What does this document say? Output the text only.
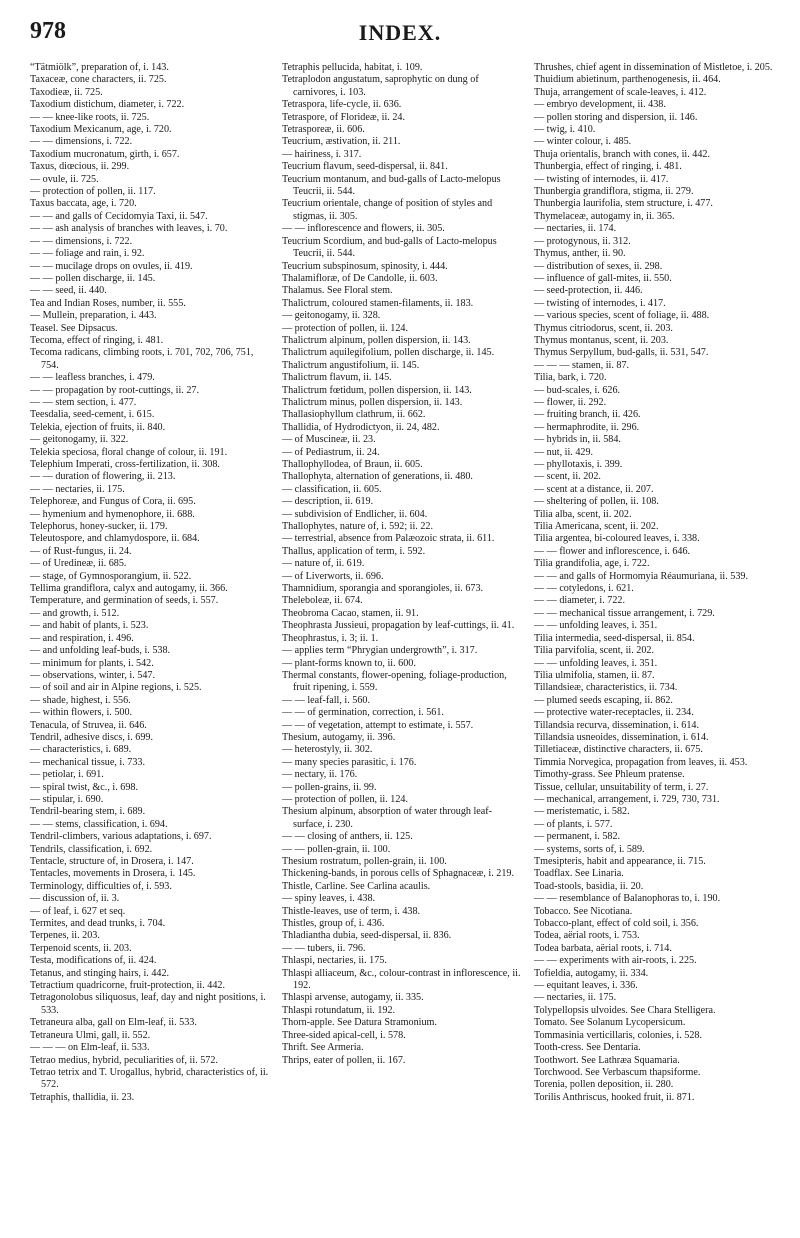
978	INDEX.
“Tätmiölk”, preparation of, i. 143.
Taxaceæ, cone characters, ii. 725.
Taxodieæ, ii. 725.
Taxodium distichum, diameter, i. 722.
— — knee-like roots, ii. 725.
Taxodium Mexicanum, age, i. 720.
— — dimensions, i. 722.
Taxodium mucronatum, girth, i. 657.
Taxus, diœcious, ii. 299.
— ovule, ii. 725.
— protection of pollen, ii. 117.
Taxus baccata, age, i. 720.
— — and galls of Cecidomyia Taxi, ii. 547.
— — ash analysis of branches with leaves, i. 70.
— — dimensions, i. 722.
— — foliage and rain, i. 92.
— — mucilage drops on ovules, ii. 419.
— — pollen discharge, ii. 145.
— — seed, ii. 440.
Tea and Indian Roses, number, ii. 555.
— Mullein, preparation, i. 443.
Teasel. See Dipsacus.
Tecoma, effect of ringing, i. 481.
Tecoma radicans, climbing roots, i. 701, 702, 706, 751, 754.
— — leafless branches, i. 479.
— — propagation by root-cuttings, ii. 27.
— — stem section, i. 477.
Teesdalia, seed-cement, i. 615.
Telekia, ejection of fruits, ii. 840.
— geitonogamy, ii. 322.
Telekia speciosa, floral change of colour, ii. 191.
Telephium Imperati, cross-fertilization, ii. 308.
— — duration of flowering, ii. 213.
— — nectaries, ii. 175.
Telephoreæ, and Fungus of Cora, ii. 695.
— hymenium and hymenophore, ii. 688.
Telephorus, honey-sucker, ii. 179.
Teleutospore, and chlamydospore, ii. 684.
— of Rust-fungus, ii. 24.
— of Uredineæ, ii. 685.
— stage, of Gymnosporangium, ii. 522.
Tellima grandiflora, calyx and autogamy, ii. 366.
Temperature, and germination of seeds, i. 557.
— and growth, i. 512.
— and habit of plants, i. 523.
— and respiration, i. 496.
— and unfolding leaf-buds, i. 538.
— minimum for plants, i. 542.
— observations, winter, i. 547.
— of soil and air in Alpine regions, i. 525.
— shade, highest, i. 556.
— within flowers, i. 500.
Tenacula, of Struvea, ii. 646.
Tendril, adhesive discs, i. 699.
— characteristics, i. 689.
— mechanical tissue, i. 733.
— petiolar, i. 691.
— spiral twist, &c., i. 698.
— stipular, i. 690.
Tendril-bearing stem, i. 689.
— — stems, classification, i. 694.
Tendril-climbers, various adaptations, i. 697.
Tendrils, classification, i. 692.
Tentacle, structure of, in Drosera, i. 147.
Tentacles, movements in Drosera, i. 145.
Terminology, difficulties of, i. 593.
— discussion of, ii. 3.
— of leaf, i. 627 et seq.
Termites, and dead trunks, i. 704.
Terpenes, ii. 203.
Terpenoid scents, ii. 203.
Testa, modifications of, ii. 424.
Tetanus, and stinging hairs, i. 442.
Tetractium quadricorne, fruit-protection, ii. 442.
Tetragonolobus siliquosus, leaf, day and night positions, i. 533.
Tetraneura alba, gall on Elm-leaf, ii. 533.
Tetraneura Ulmi, gall, ii. 552.
— — — on Elm-leaf, ii. 533.
Tetrao medius, hybrid, peculiarities of, ii. 572.
Tetrao tetrix and T. Urogallus, hybrid, characteristics of, ii. 572.
Tetraphis, thallidia, ii. 23.
Tetraphis pellucida, habitat, i. 109.
Tetraplodon angustatum, saprophytic on dung of carnivores, i. 103.
Tetraspora, life-cycle, ii. 636.
Tetraspore, of Florideæ, ii. 24.
Tetrasporeæ, ii. 606.
Teucrium, æstivation, ii. 211.
— hairiness, i. 317.
Teucrium flavum, seed-dispersal, ii. 841.
Teucrium montanum, and bud-galls of Lacto-melopus Teucrii, ii. 544.
Teucrium orientale, change of position of styles and stigmas, ii. 305.
— — inflorescence and flowers, ii. 305.
Teucrium Scordium, and bud-galls of Lacto-melopus Teucrii, ii. 544.
Teucrium subspinosum, spinosity, i. 444.
Thalamifloræ, of De Candolle, ii. 603.
Thalamus. See Floral stem.
Thalictrum, coloured stamen-filaments, ii. 183.
— geitonogamy, ii. 328.
— protection of pollen, ii. 124.
Thalictrum alpinum, pollen dispersion, ii. 143.
Thalictrum aquilegifolium, pollen discharge, ii. 145.
Thalictrum angustifolium, ii. 145.
Thalictrum flavum, ii. 145.
Thalictrum fœtidum, pollen dispersion, ii. 143.
Thalictrum minus, pollen dispersion, ii. 143.
Thallasiophyllum clathrum, ii. 662.
Thallidia, of Hydrodictyon, ii. 24, 482.
— of Muscineæ, ii. 23.
— of Pediastrum, ii. 24.
Thallophyllodea, of Braun, ii. 605.
Thallophyta, alternation of generations, ii. 480.
— classification, ii. 605.
— description, ii. 619.
— subdivision of Endlicher, ii. 604.
Thallophytes, nature of, i. 592; ii. 22.
— terrestrial, absence from Palæozoic strata, ii. 611.
Thallus, application of term, i. 592.
— nature of, ii. 619.
— of Liverworts, ii. 696.
Thamnidium, sporangia and sporangioles, ii. 673.
Theleboleæ, ii. 674.
Theobroma Cacao, stamen, ii. 91.
Theophrasta Jussieui, propagation by leaf-cuttings, ii. 41.
Theophrastus, i. 3; ii. 1.
— applies term “Phrygian undergrowth”, i. 317.
— plant-forms known to, ii. 600.
Thermal constants, flower-opening, foliage-production, fruit ripening, i. 559.
— — leaf-fall, i. 560.
— — of germination, correction, i. 561.
— — of vegetation, attempt to estimate, i. 557.
Thesium, autogamy, ii. 396.
— heterostyly, ii. 302.
— many species parasitic, i. 176.
— nectary, ii. 176.
— pollen-grains, ii. 99.
— protection of pollen, ii. 124.
Thesium alpinum, absorption of water through leaf-surface, i. 230.
— — closing of anthers, ii. 125.
— — pollen-grain, ii. 100.
Thesium rostratum, pollen-grain, ii. 100.
Thickening-bands, in porous cells of Sphagnaceæ, i. 219.
Thistle, Carline. See Carlina acaulis.
— spiny leaves, i. 438.
Thistle-leaves, use of term, i. 438.
Thistles, group of, i. 436.
Thladiantha dubia, seed-dispersal, ii. 836.
— — tubers, ii. 796.
Thlaspi, nectaries, ii. 175.
Thlaspi alliaceum, &c., colour-contrast in inflorescence, ii. 192.
Thlaspi arvense, autogamy, ii. 335.
Thlaspi rotundatum, ii. 192.
Thorn-apple. See Datura Stramonium.
Three-sided apical-cell, i. 578.
Thrift. See Armeria.
Thrips, eater of pollen, ii. 167.
Thrushes, chief agent in dissemination of Mistletoe, i. 205.
Thuidium abietinum, parthenogenesis, ii. 464.
Thuja, arrangement of scale-leaves, i. 412.
— embryo development, ii. 438.
— pollen storing and dispersion, ii. 146.
— twig, i. 410.
— winter colour, i. 485.
Thuja orientalis, branch with cones, ii. 442.
Thunbergia, effect of ringing, i. 481.
— twisting of internodes, ii. 417.
Thunbergia grandiflora, stigma, ii. 279.
Thunbergia laurifolia, stem structure, i. 477.
Thymelaceæ, autogamy in, ii. 365.
— nectaries, ii. 174.
— protogynous, ii. 312.
Thymus, anther, ii. 90.
— distribution of sexes, ii. 298.
— influence of gall-mites, ii. 550.
— seed-protection, ii. 446.
— twisting of internodes, i. 417.
— various species, scent of foliage, ii. 488.
Thymus citriodorus, scent, ii. 203.
Thymus montanus, scent, ii. 203.
Thymus Serpyllum, bud-galls, ii. 531, 547.
— — — stamen, ii. 87.
Tilia, bark, i. 720.
— bud-scales, i. 626.
— flower, ii. 292.
— fruiting branch, ii. 426.
— hermaphrodite, ii. 296.
— hybrids in, ii. 584.
— nut, ii. 429.
— phyllotaxis, i. 399.
— scent, ii. 202.
— scent at a distance, ii. 207.
— sheltering of pollen, ii. 108.
Tilia alba, scent, ii. 202.
Tilia Americana, scent, ii. 202.
Tilia argentea, bi-coloured leaves, i. 338.
— — flower and inflorescence, i. 646.
Tilia grandifolia, age, i. 722.
— — and galls of Hormomyia Réaumuriana, ii. 539.
— — cotyledons, i. 621.
— — diameter, i. 722.
— — mechanical tissue arrangement, i. 729.
— — unfolding leaves, i. 351.
Tilia intermedia, seed-dispersal, ii. 854.
Tilia parvifolia, scent, ii. 202.
— — unfolding leaves, i. 351.
Tilia ulmifolia, stamen, ii. 87.
Tillandsieæ, characteristics, ii. 734.
— plumed seeds escaping, ii. 862.
— protective water-receptacles, ii. 234.
Tillandsia recurva, dissemination, i. 614.
Tillandsia usneoides, dissemination, i. 614.
Tilletiaceæ, distinctive characters, ii. 675.
Timmia Norvegica, propagation from leaves, ii. 453.
Timothy-grass. See Phleum pratense.
Tissue, cellular, unsuitability of term, i. 27.
— mechanical, arrangement, i. 729, 730, 731.
— meristematic, i. 582.
— of plants, i. 577.
— permanent, i. 582.
— systems, sorts of, i. 589.
Tmesipteris, habit and appearance, ii. 715.
Toadflax. See Linaria.
Toad-stools, basidia, ii. 20.
— — resemblance of Balanophoras to, i. 190.
Tobacco. See Nicotiana.
Tobacco-plant, effect of cold soil, i. 356.
Todea, aërial roots, i. 753.
Todea barbata, aërial roots, i. 714.
— — experiments with air-roots, i. 225.
Tofieldia, autogamy, ii. 334.
— equitant leaves, i. 336.
— nectaries, ii. 175.
Tolypellopsis ulvoides. See Chara Stelligera.
Tomato. See Solanum Lycopersicum.
Tommasinia verticillaris, colonies, i. 528.
Tooth-cress. See Dentaria.
Toothwort. See Lathræa Squamaria.
Torchwood. See Verbascum thapsiforme.
Torenia, pollen deposition, ii. 280.
Torilis Anthriscus, hooked fruit, ii. 871.
